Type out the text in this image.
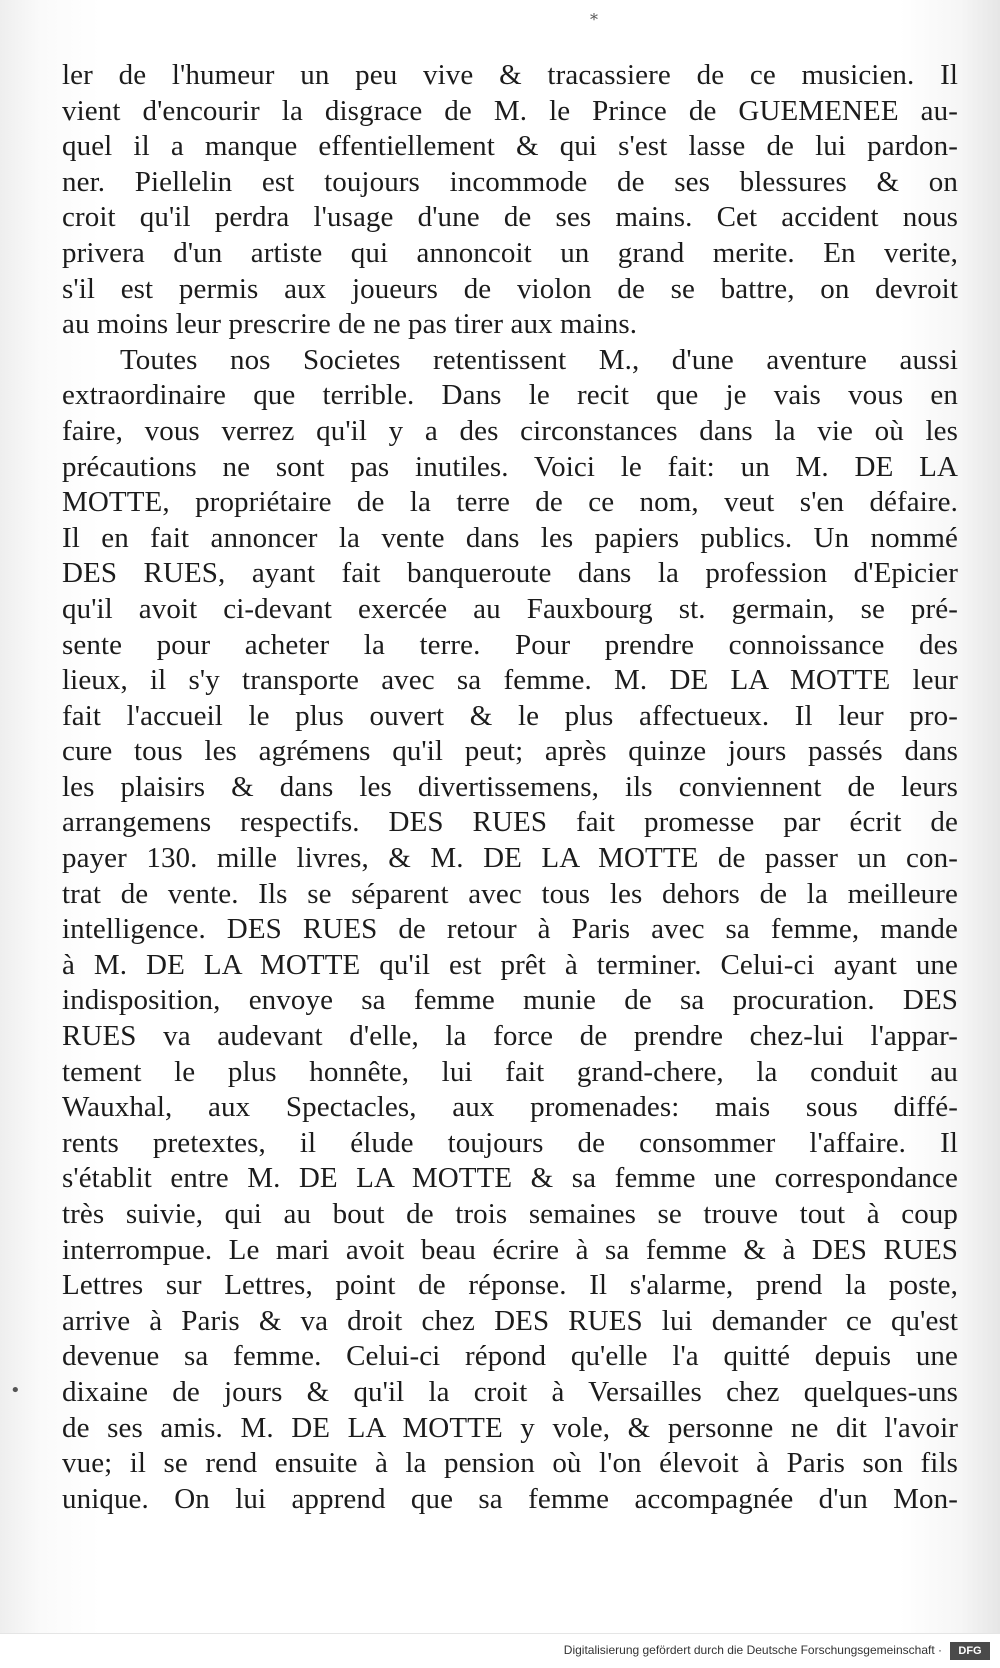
*
•
ler de l'humeur un peu vive & tracassiere de ce musicien. Il
vient d'encourir la disgrace de M. le Prince de GUEMENEE au-
quel il a manque effentiellement & qui s'est lasse de lui pardon-
ner. Piellelin est toujours incommode de ses blessures & on
croit qu'il perdra l'usage d'une de ses mains. Cet accident nous
privera d'un artiste qui annoncoit un grand merite. En verite,
s'il est permis aux joueurs de violon de se battre, on devroit
au moins leur prescrire de ne pas tirer aux mains.
Toutes nos Societes retentissent M., d'une aventure aussi
extraordinaire que terrible. Dans le recit que je vais vous en
faire, vous verrez qu'il y a des circonstances dans la vie où les
précautions ne sont pas inutiles. Voici le fait: un M. DE LA
MOTTE, propriétaire de la terre de ce nom, veut s'en défaire.
Il en fait annoncer la vente dans les papiers publics. Un nommé
DES RUES, ayant fait banqueroute dans la profession d'Epicier
qu'il avoit ci-devant exercée au Fauxbourg st. germain, se pré-
sente pour acheter la terre. Pour prendre connoissance des
lieux, il s'y transporte avec sa femme. M. DE LA MOTTE leur
fait l'accueil le plus ouvert & le plus affectueux. Il leur pro-
cure tous les agrémens qu'il peut; après quinze jours passés dans
les plaisirs & dans les divertissemens, ils conviennent de leurs
arrangemens respectifs. DES RUES fait promesse par écrit de
payer 130. mille livres, & M. DE LA MOTTE de passer un con-
trat de vente. Ils se séparent avec tous les dehors de la meilleure
intelligence. DES RUES de retour à Paris avec sa femme, mande
à M. DE LA MOTTE qu'il est prêt à terminer. Celui-ci ayant une
indisposition, envoye sa femme munie de sa procuration. DES
RUES va audevant d'elle, la force de prendre chez-lui l'appar-
tement le plus honnête, lui fait grand-chere, la conduit au
Wauxhal, aux Spectacles, aux promenades: mais sous diffé-
rents pretextes, il élude toujours de consommer l'affaire. Il
s'établit entre M. DE LA MOTTE & sa femme une correspondance
très suivie, qui au bout de trois semaines se trouve tout à coup
interrompue. Le mari avoit beau écrire à sa femme & à DES RUES
Lettres sur Lettres, point de réponse. Il s'alarme, prend la poste,
arrive à Paris & va droit chez DES RUES lui demander ce qu'est
devenue sa femme. Celui-ci répond qu'elle l'a quitté depuis une
dixaine de jours & qu'il la croit à Versailles chez quelques-uns
de ses amis. M. DE LA MOTTE y vole, & personne ne dit l'avoir
vue; il se rend ensuite à la pension où l'on élevoit à Paris son fils
unique. On lui apprend que sa femme accompagnée d'un Mon-
Digitalisierung gefördert durch die Deutsche Forschungsgemeinschaft ·	DFG
